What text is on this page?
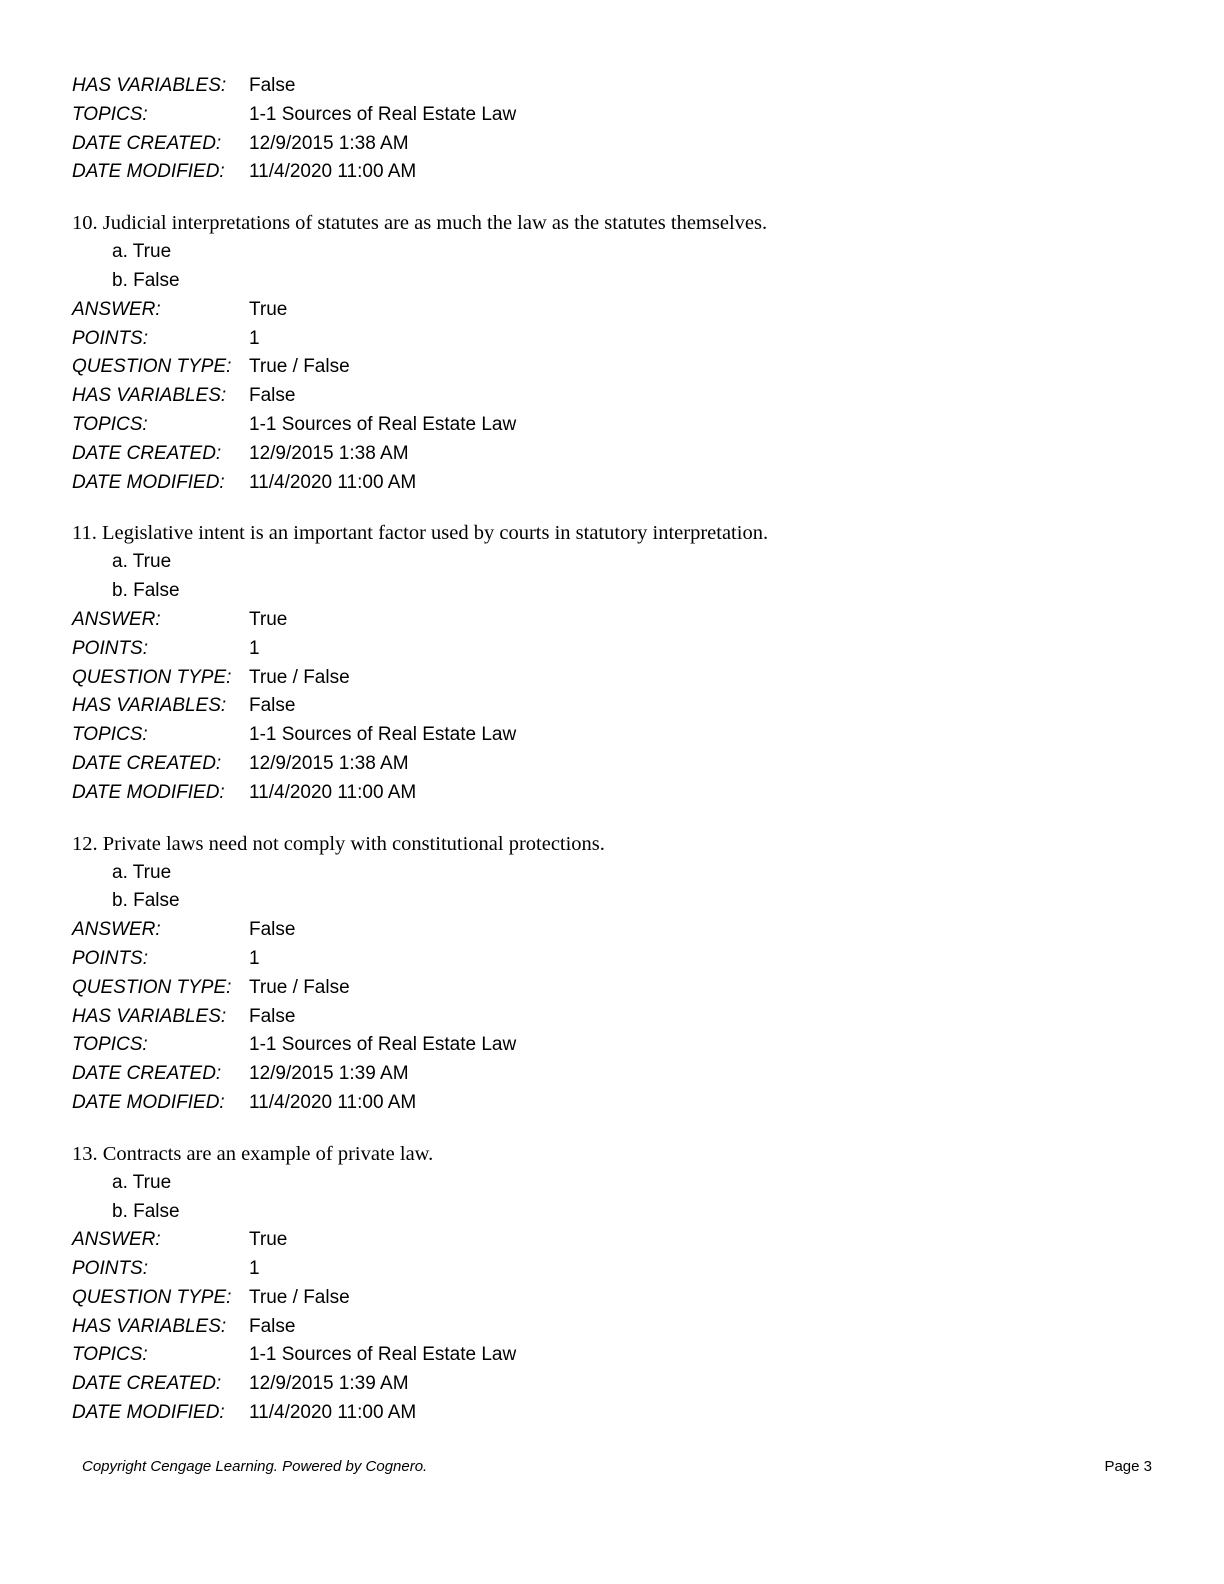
HAS VARIABLES:	False
TOPICS:	1-1 Sources of Real Estate Law
DATE CREATED:	12/9/2015 1:38 AM
DATE MODIFIED:	11/4/2020 11:00 AM
10. Judicial interpretations of statutes are as much the law as the statutes themselves.
a. True
b. False
ANSWER:	True
POINTS:	1
QUESTION TYPE: True / False
HAS VARIABLES:	False
TOPICS:	1-1 Sources of Real Estate Law
DATE CREATED:	12/9/2015 1:38 AM
DATE MODIFIED:	11/4/2020 11:00 AM
11. Legislative intent is an important factor used by courts in statutory interpretation.
a. True
b. False
ANSWER:	True
POINTS:	1
QUESTION TYPE: True / False
HAS VARIABLES:	False
TOPICS:	1-1 Sources of Real Estate Law
DATE CREATED:	12/9/2015 1:38 AM
DATE MODIFIED:	11/4/2020 11:00 AM
12. Private laws need not comply with constitutional protections.
a. True
b. False
ANSWER:	False
POINTS:	1
QUESTION TYPE: True / False
HAS VARIABLES:	False
TOPICS:	1-1 Sources of Real Estate Law
DATE CREATED:	12/9/2015 1:39 AM
DATE MODIFIED:	11/4/2020 11:00 AM
13. Contracts are an example of private law.
a. True
b. False
ANSWER:	True
POINTS:	1
QUESTION TYPE: True / False
HAS VARIABLES:	False
TOPICS:	1-1 Sources of Real Estate Law
DATE CREATED:	12/9/2015 1:39 AM
DATE MODIFIED:	11/4/2020 11:00 AM
Copyright Cengage Learning. Powered by Cognero.	Page 3
